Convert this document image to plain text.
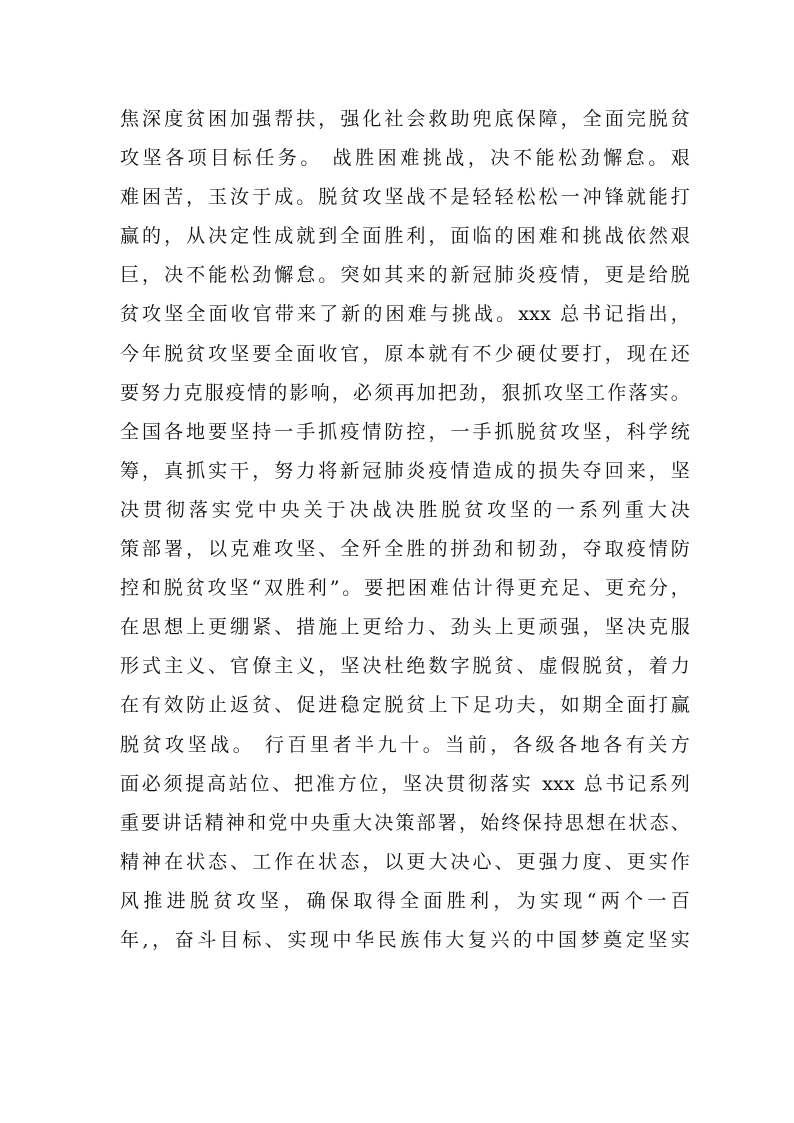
焦深度贫困加强帮扶，强化社会救助兜底保障，全面完脱贫
攻坚各项目标任务。 战胜困难挑战，决不能松劲懈怠。艰
难困苦，玉汝于成。脱贫攻坚战不是轻轻松松一冲锋就能打
赢的，从决定性成就到全面胜利，面临的困难和挑战依然艰
巨，决不能松劲懈怠。突如其来的新冠肺炎疫情，更是给脱
贫攻坚全面收官带来了新的困难与挑战。xxx 总书记指出，
今年脱贫攻坚要全面收官，原本就有不少硬仗要打，现在还
要努力克服疫情的影响，必须再加把劲，狠抓攻坚工作落实。
全国各地要坚持一手抓疫情防控，一手抓脱贫攻坚，科学统
筹，真抓实干，努力将新冠肺炎疫情造成的损失夺回来，坚
决贯彻落实党中央关于决战决胜脱贫攻坚的一系列重大决
策部署，以克难攻坚、全歼全胜的拼劲和韧劲，夺取疫情防
控和脱贫攻坚“双胜利”。要把困难估计得更充足、更充分，
在思想上更绷紧、措施上更给力、劲头上更顽强，坚决克服
形式主义、官僚主义，坚决杜绝数字脱贫、虚假脱贫，着力
在有效防止返贫、促进稳定脱贫上下足功夫，如期全面打赢
脱贫攻坚战。 行百里者半九十。当前，各级各地各有关方
面必须提高站位、把准方位，坚决贯彻落实 xxx 总书记系列
重要讲话精神和党中央重大决策部署，始终保持思想在状态、
精神在状态、工作在状态，以更大决心、更强力度、更实作
风推进脱贫攻坚，确保取得全面胜利，为实现“两个一百
年,，奋斗目标、实现中华民族伟大复兴的中国梦奠定坚实
